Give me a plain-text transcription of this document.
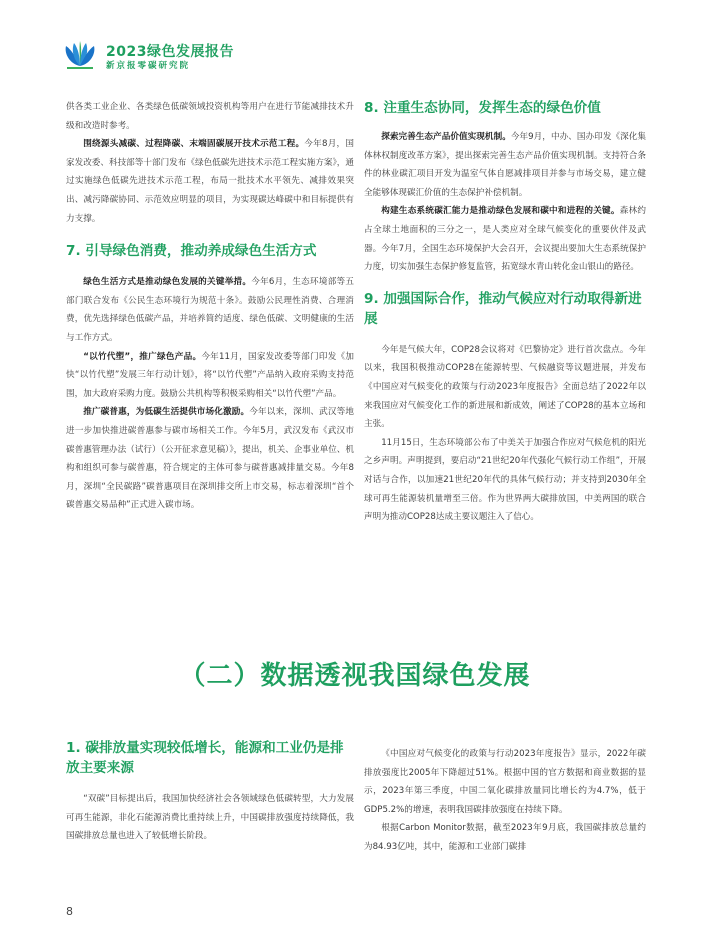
2023绿色发展报告
新京报零碳研究院

供各类工业企业、各类绿色低碳领域投资机构等用户在进行节能减排技术升级和改造时参考。

围绕源头减碳、过程降碳、末端固碳展开技术示范工程。今年8月，国家发改委、科技部等十部门发布《绿色低碳先进技术示范工程实施方案》，通过实施绿色低碳先进技术示范工程，布局一批技术水平领先、减排效果突出、减污降碳协同、示范效应明显的项目，为实现碳达峰碳中和目标提供有力支撑。

7. 引导绿色消费，推动养成绿色生活方式

绿色生活方式是推动绿色发展的关键举措。今年6月，生态环境部等五部门联合发布《公民生态环境行为规范十条》。鼓励公民理性消费、合理消费，优先选择绿色低碳产品，并培养简约适度、绿色低碳、文明健康的生活与工作方式。

“以竹代塑”，推广绿色产品。今年11月，国家发改委等部门印发《加快“以竹代塑”发展三年行动计划》，将“以竹代塑”产品纳入政府采购支持范围，加大政府采购力度。鼓励公共机构等积极采购相关“以竹代塑”产品。

推广碳普惠，为低碳生活提供市场化激励。今年以来，深圳、武汉等地进一步加快推进碳普惠参与碳市场相关工作。今年5月，武汉发布《武汉市碳普惠管理办法（试行）（公开征求意见稿）》，提出，机关、企事业单位、机构和组织可参与碳普惠，符合规定的主体可参与碳普惠减排量交易。今年8月，深圳“全民碳路”碳普惠项目在深圳排交所上市交易，标志着深圳“首个碳普惠交易品种”正式进入碳市场。

8. 注重生态协同，发挥生态的绿色价值

探索完善生态产品价值实现机制。今年9月，中办、国办印发《深化集体林权制度改革方案》，提出探索完善生态产品价值实现机制。支持符合条件的林业碳汇项目开发为温室气体自愿减排项目并参与市场交易，建立健全能够体现碳汇价值的生态保护补偿机制。

构建生态系统碳汇能力是推动绿色发展和碳中和进程的关键。森林约占全球土地面积的三分之一，是人类应对全球气候变化的重要伙伴及武器。今年7月，全国生态环境保护大会召开，会议提出要加大生态系统保护力度，切实加强生态保护修复监管，拓宽绿水青山转化金山银山的路径。

9. 加强国际合作，推动气候应对行动取得新进展

今年是气候大年，COP28会议将对《巴黎协定》进行首次盘点。今年以来，我国积极推动COP28在能源转型、气候融资等议题进展，并发布《中国应对气候变化的政策与行动2023年度报告》全面总结了2022年以来我国应对气候变化工作的新进展和新成效，阐述了COP28的基本立场和主张。

11月15日，生态环境部公布了中美关于加强合作应对气候危机的阳光之乡声明。声明提到，要启动“21世纪20年代强化气候行动工作组”，开展对话与合作，以加速21世纪20年代的具体气候行动；并支持到2030年全球可再生能源装机量增至三倍。作为世界两大碳排放国，中美两国的联合声明为推动COP28达成主要议题注入了信心。

（二）数据透视我国绿色发展
1. 碳排放量实现较低增长，能源和工业仍是排放主要来源

“双碳”目标提出后，我国加快经济社会各领域绿色低碳转型，大力发展可再生能源，非化石能源消费比重持续上升，中国碳排放强度持续降低，我国碳排放总量也进入了较低增长阶段。

《中国应对气候变化的政策与行动2023年度报告》显示，2022年碳排放强度比2005年下降超过51%。根据中国的官方数据和商业数据的显示，2023年第三季度，中国二氧化碳排放量同比增长约为4.7%，低于GDP5.2%的增速，表明我国碳排放强度在持续下降。

根据Carbon Monitor数据，截至2023年9月底，我国碳排放总量约为84.93亿吨，其中，能源和工业部门碳排

8
